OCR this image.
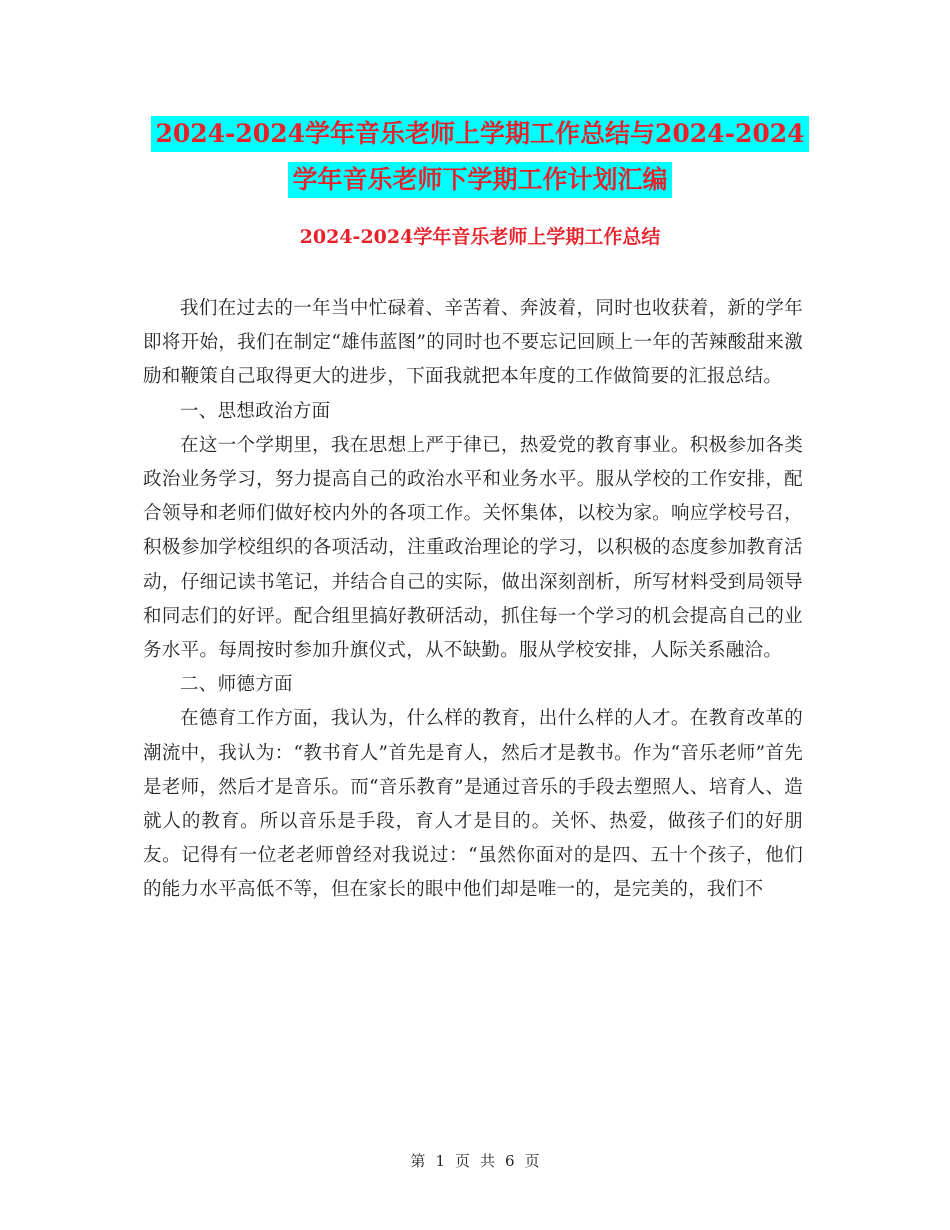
2024-2024学年音乐老师上学期工作总结与2024-2024
学年音乐老师下学期工作计划汇编
2024-2024学年音乐老师上学期工作总结

我们在过去的一年当中忙碌着、辛苦着、奔波着，同时也收获着，新的学年即将开始，我们在制定“雄伟蓝图”的同时也不要忘记回顾上一年的苦辣酸甜来激励和鞭策自己取得更大的进步，下面我就把本年度的工作做简要的汇报总结。

一、思想政治方面

在这一个学期里，我在思想上严于律已，热爱党的教育事业。积极参加各类政治业务学习，努力提高自己的政治水平和业务水平。服从学校的工作安排，配合领导和老师们做好校内外的各项工作。关怀集体，以校为家。响应学校号召，积极参加学校组织的各项活动，注重政治理论的学习，以积极的态度参加教育活动，仔细记读书笔记，并结合自己的实际，做出深刻剖析，所写材料受到局领导和同志们的好评。配合组里搞好教研活动，抓住每一个学习的机会提高自己的业务水平。每周按时参加升旗仪式，从不缺勤。服从学校安排，人际关系融洽。

二、师德方面

在德育工作方面，我认为，什么样的教育，出什么样的人才。在教育改革的潮流中，我认为：“教书育人”首先是育人，然后才是教书。作为“音乐老师”首先是老师，然后才是音乐。而“音乐教育”是通过音乐的手段去塑照人、培育人、造就人的教育。所以音乐是手段，育人才是目的。关怀、热爱，做孩子们的好朋友。记得有一位老老师曾经对我说过：“虽然你面对的是四、五十个孩子，他们的能力水平高低不等，但在家长的眼中他们却是唯一的，是完美的，我们不

第 1 页 共 6 页
